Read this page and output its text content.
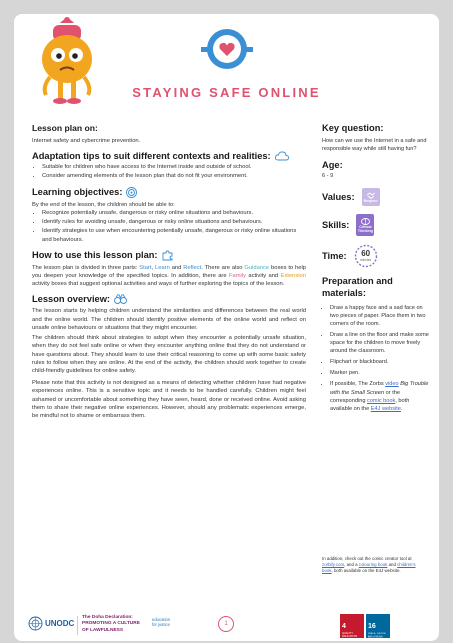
STAYING SAFE ONLINE
Lesson plan on:

Internet safety and cybercrime prevention.

Adaptation tips to suit different contexts and realities:
• Suitable for children who have access to the Internet inside and outside of school.
• Consider amending elements of the lesson plan that do not fit your environment.
Learning objectives:

By the end of the lesson, the children should be able to:

• Recognize potentially unsafe, dangerous or risky online situations and behaviours.
• Identify rules for avoiding unsafe, dangerous or risky online situations and behaviours.
• Identify strategies to use when encountering potentially unsafe, dangerous or risky online situations and behaviours.
How to use this lesson plan:

The lesson plan is divided in three parts: Start, Learn and Reflect. There are also Guidance boxes to help you deepen your knowledge of the specified topics. In addition, there are Family activity and Extension activity boxes that suggest optional activities and ways of further exploring the topics of the lesson.

Lesson overview:

The lesson starts by helping children understand the similarities and differences between the real world and the online world. The children should identify positive elements of the online world and reflect on unsafe online behaviours or situations that they might encounter.

The children should think about strategies to adopt when they encounter a potentially unsafe situation, when they do not feel safe online or when they encounter anything online that they do not understand or have questions about. They should learn to use their critical reasoning to come up with some basic safety rules to follow when they are online. At the end of the activity, the children should work together to create child-friendly guidelines for online safety.

Please note that this activity is not designed as a means of detecting whether children have had negative experiences online. This is a sensitive topic and it needs to be handled carefully. Children might feel ashamed or uncomfortable about something they have seen, heard, done or received online. Avoid asking them to share their negative online experiences. However, should any problematic experiences emerge, be mindful not to shame or embarrass them.

Key question:

How can we use the Internet in a safe and responsible way while still having fun?

Age:

6 - 9

Values:	Respect
Skills:	Critical
Thinking
Time:	60
minutes
Preparation and materials:
• Draw a happy face and a sad face on two pieces of paper. Place them in two corners of the room.
• Draw a line on the floor and make some space for the children to move freely around the classroom.
• Flipchart or blackboard.
• Marker pen.
• If possible, The Zorbs video Big Trouble with the Small Screen or the corresponding comic book, both available on the E4J website.

In addition, check out the comic creator tool at zorbify.com, and a colouring book and children's book, both available on the E4J website.

UNODC
The Doha Declaration:
PROMOTING A CULTURE
OF LAWFULNESS
education
for justice	1	4
QUALITY EDUCATION
16
PEACE, JUSTICE AND STRONG INSTITUTIONS
